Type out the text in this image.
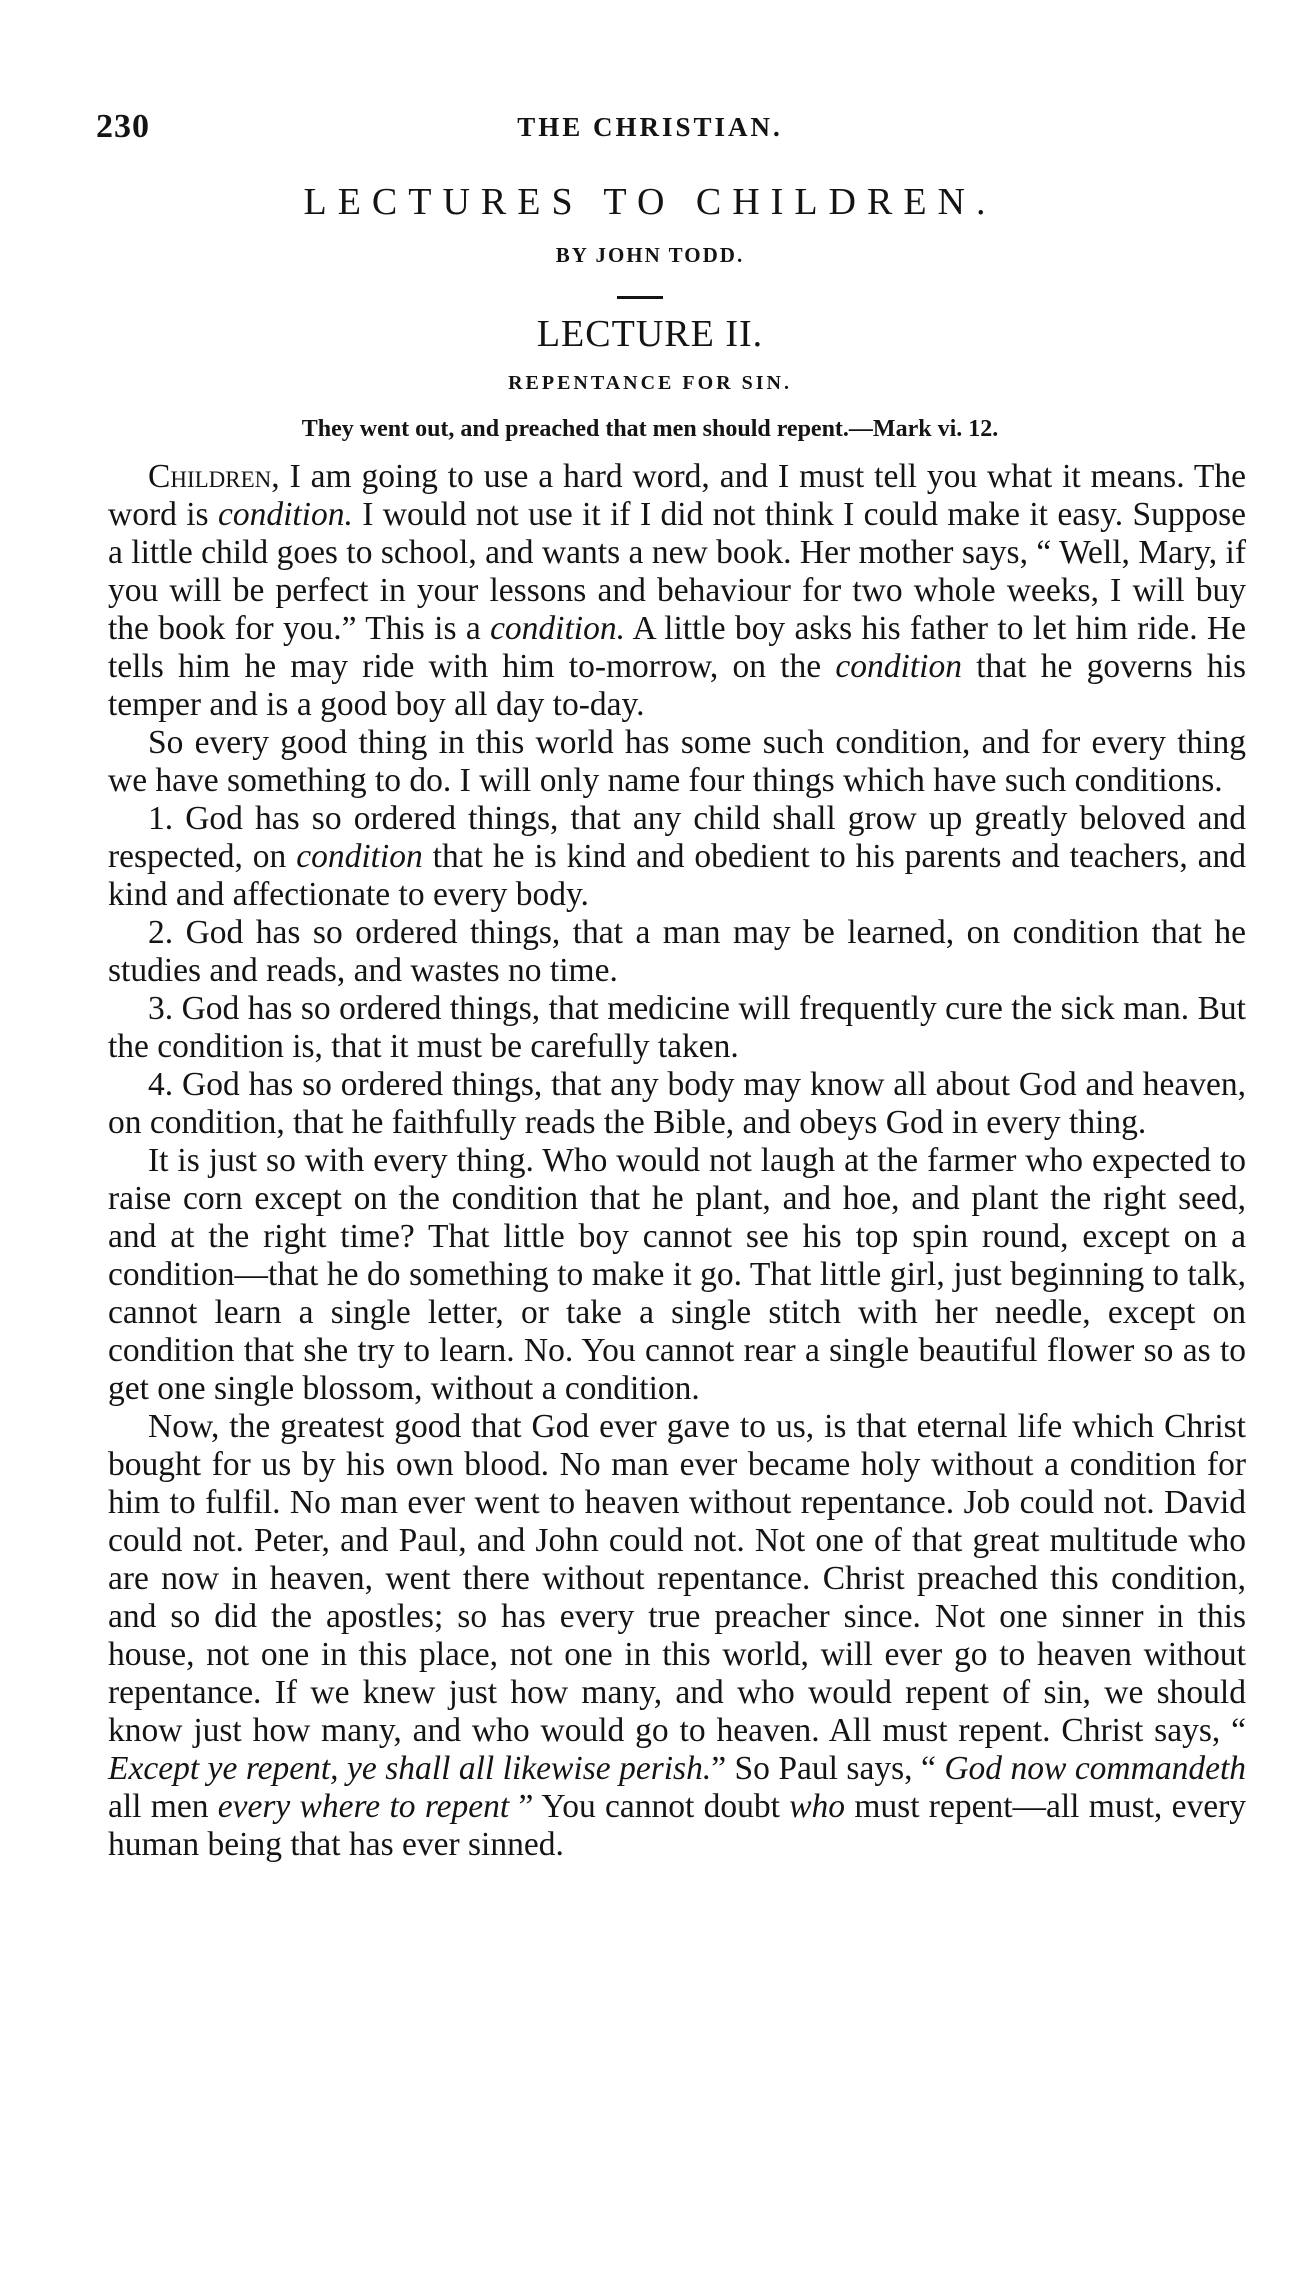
230	THE CHRISTIAN.
LECTURES TO CHILDREN.
BY JOHN TODD.
LECTURE II.
REPENTANCE FOR SIN.
They went out, and preached that men should repent.—Mark vi. 12.

Children, I am going to use a hard word, and I must tell you what it means. The word is condition. I would not use it if I did not think I could make it easy. Suppose a little child goes to school, and wants a new book. Her mother says, “ Well, Mary, if you will be perfect in your lessons and behaviour for two whole weeks, I will buy the book for you.” This is a condition. A little boy asks his father to let him ride. He tells him he may ride with him to-morrow, on the condition that he governs his temper and is a good boy all day to-day.

So every good thing in this world has some such condition, and for every thing we have something to do. I will only name four things which have such conditions.

1. God has so ordered things, that any child shall grow up greatly beloved and respected, on condition that he is kind and obedient to his parents and teachers, and kind and affectionate to every body.

2. God has so ordered things, that a man may be learned, on condition that he studies and reads, and wastes no time.

3. God has so ordered things, that medicine will frequently cure the sick man. But the condition is, that it must be carefully taken.

4. God has so ordered things, that any body may know all about God and heaven, on condition, that he faithfully reads the Bible, and obeys God in every thing.

It is just so with every thing. Who would not laugh at the farmer who expected to raise corn except on the condition that he plant, and hoe, and plant the right seed, and at the right time? That little boy cannot see his top spin round, except on a condition—that he do something to make it go. That little girl, just beginning to talk, cannot learn a single letter, or take a single stitch with her needle, except on condition that she try to learn. No. You cannot rear a single beautiful flower so as to get one single blossom, without a condition.

Now, the greatest good that God ever gave to us, is that eternal life which Christ bought for us by his own blood. No man ever became holy without a condition for him to fulfil. No man ever went to heaven without repentance. Job could not. David could not. Peter, and Paul, and John could not. Not one of that great multitude who are now in heaven, went there without repentance. Christ preached this condition, and so did the apostles; so has every true preacher since. Not one sinner in this house, not one in this place, not one in this world, will ever go to heaven without repentance. If we knew just how many, and who would repent of sin, we should know just how many, and who would go to heaven. All must repent. Christ says, “ Except ye repent, ye shall all likewise perish.” So Paul says, “ God now commandeth all men every where to repent ” You cannot doubt who must repent—all must, every human being that has ever sinned.
